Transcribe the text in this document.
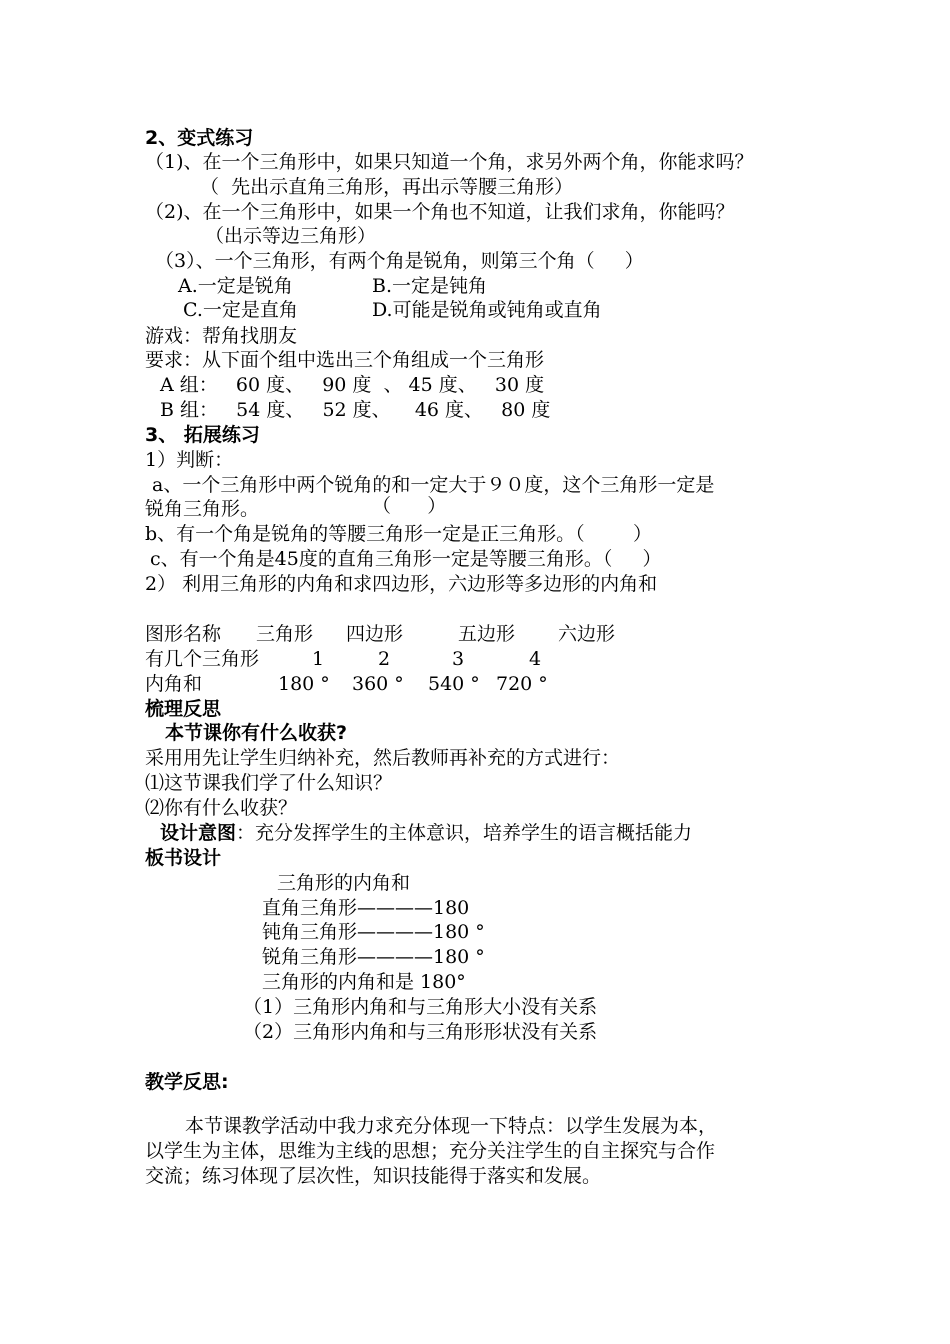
2、变式练习
（1)、在一个三角形中，如果只知道一个角，求另外两个角，你能求吗？
（  先出示直角三角形，再出示等腰三角形）
（2)、在一个三角形中，如果一个角也不知道，让我们求角，你能吗？
（出示等边三角形）
（3）、一个三角形，有两个角是锐角，则第三个角（     ）
A.一定是锐角	B.一定是钝角
C.一定是直角	D.可能是锐角或钝角或直角
游戏：帮角找朋友
要求：从下面个组中选出三个角组成一个三角形
A 组：   60 度、   90 度  、 45 度、   30 度
B 组：   54 度、   52 度、    46 度、   80 度
3、 拓展练习
1）判断：
a、一个三角形中两个锐角的和一定大于９０度，这个三角形一定是
锐角三角形。	（      ）
b、有一个角是锐角的等腰三角形一定是正三角形。（        ）
c、有一个角是45度的直角三角形一定是等腰三角形。（     ）
2） 利用三角形的内角和求四边形，六边形等多边形的内角和
图形名称 三角形 四边形	五边形 六边形
有几个三角形	1	2	3	4
内角和	180 ° 360 ° 540 ° 720 °
梳理反思
本节课你有什么收获?
采用用先让学生归纳补充，然后教师再补充的方式进行：
⑴这节课我们学了什么知识？
⑵你有什么收获？
设计意图：充分发挥学生的主体意识，培养学生的语言概括能力
板书设计
三角形的内角和
直角三角形————180
钝角三角形————180 °
锐角三角形————180 °
三角形的内角和是 180°
（1）三角形内角和与三角形大小没有关系
（2）三角形内角和与三角形形状没有关系
教学反思:
本节课教学活动中我力求充分体现一下特点：以学生发展为本，
以学生为主体，思维为主线的思想；充分关注学生的自主探究与合作
交流；练习体现了层次性，知识技能得于落实和发展。
